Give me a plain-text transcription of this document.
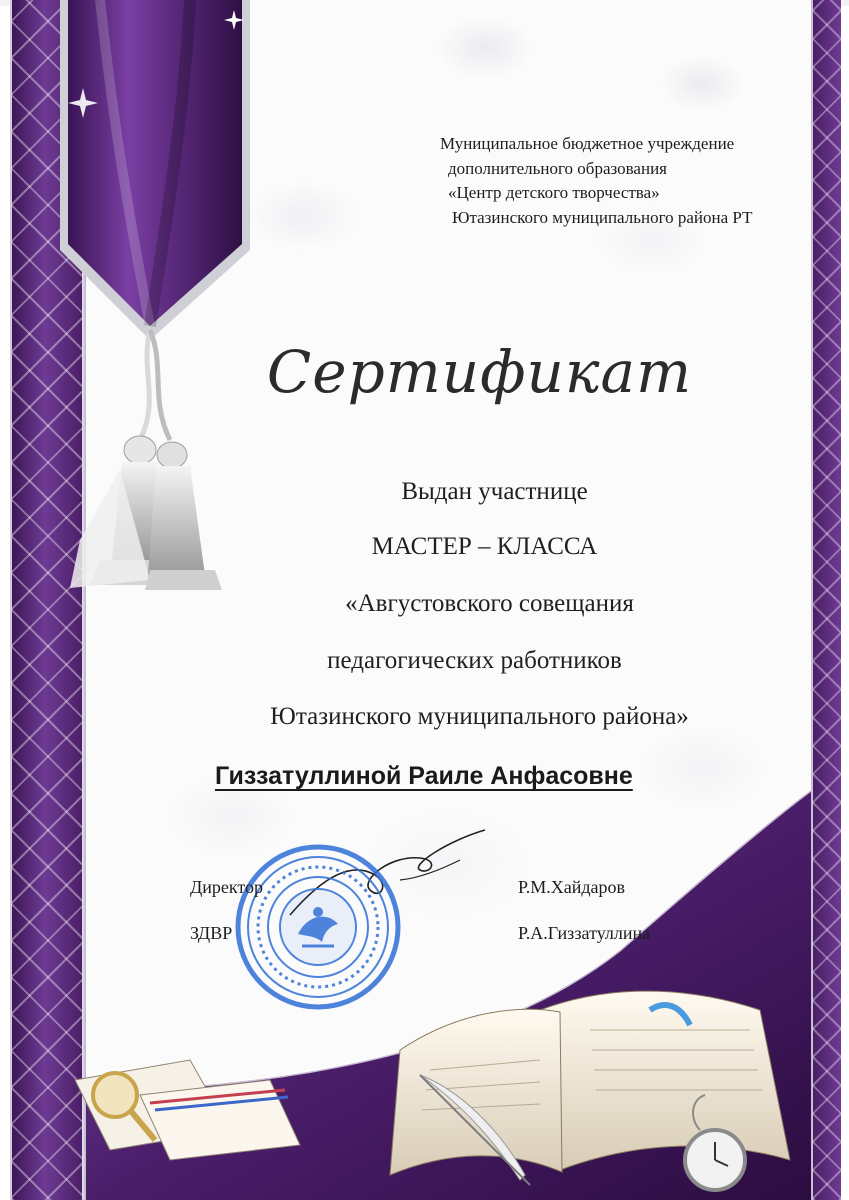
Муниципальное бюджетное учреждение
дополнительного образования
«Центр детского творчества»
Ютазинского муниципального района РТ
Сертификат
Выдан участнице
МАСТЕР – КЛАССА
«Августовского совещания
педагогических работников
Ютазинского муниципального района»
Гиззатуллиной Раиле Анфасовне
Директор	Р.М.Хайдаров
ЗДВР	Р.А.Гиззатуллина
